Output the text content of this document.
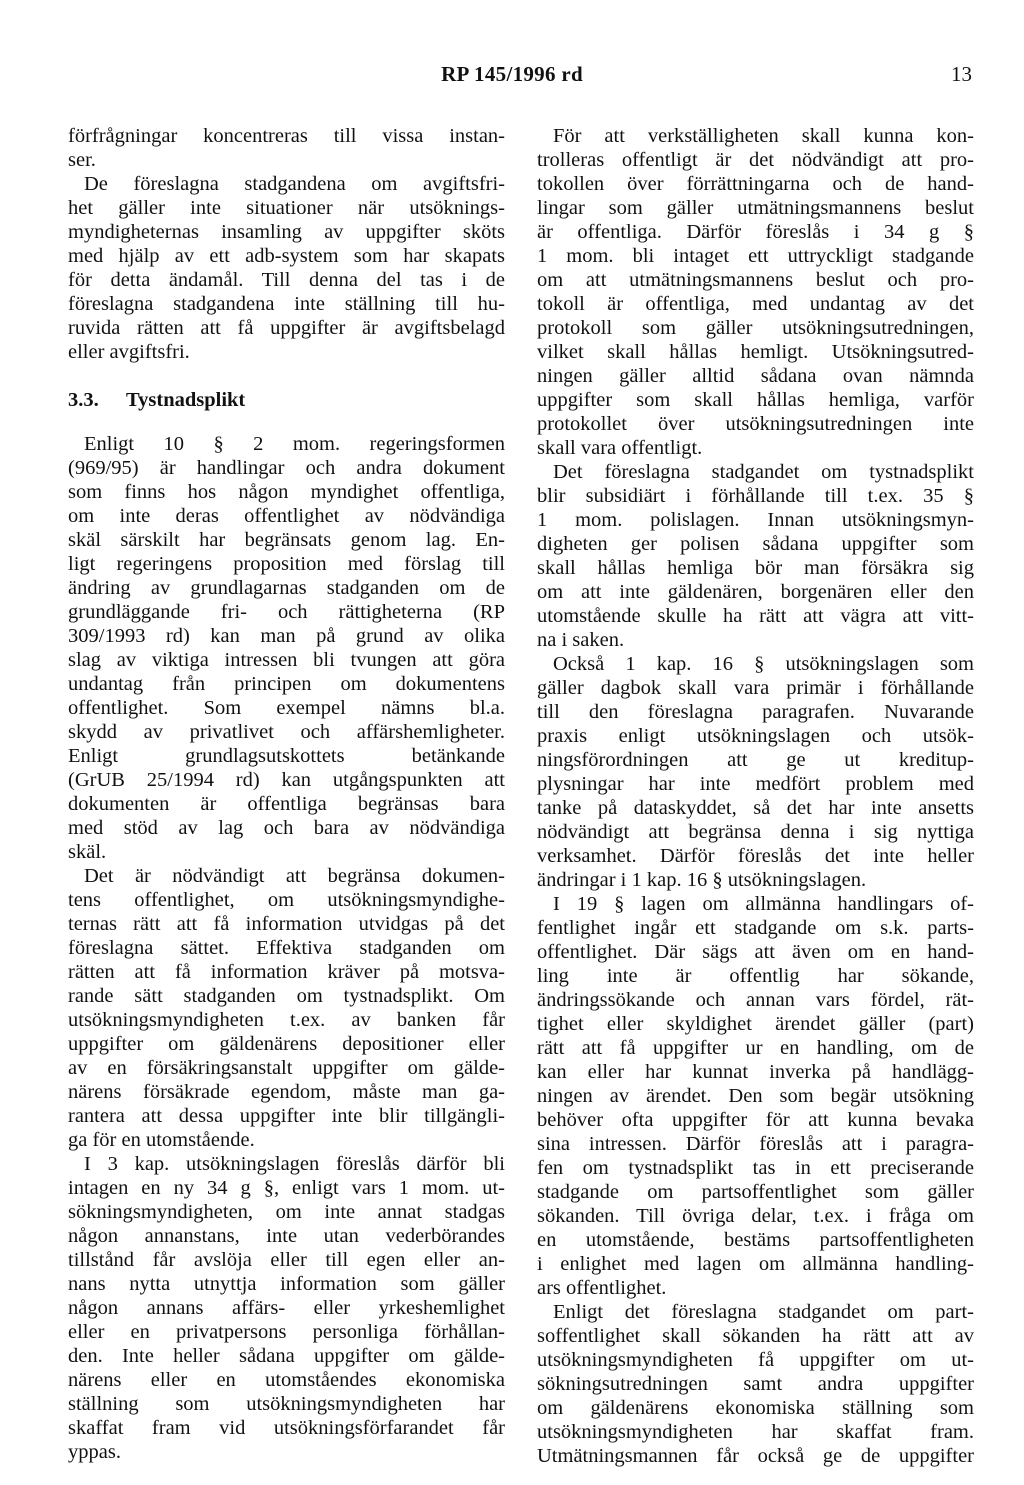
RP 145/1996 rd	13
förfrågningar koncentreras till vissa instan-
ser.
De föreslagna stadgandena om avgiftsfri-
het gäller inte situationer när utsöknings-
myndigheternas insamling av uppgifter sköts
med hjälp av ett adb-system som har skapats
för detta ändamål. Till denna del tas i de
föreslagna stadgandena inte ställning till hu-
ruvida rätten att få uppgifter är avgiftsbelagd
eller avgiftsfri.
3.3. Tystnadsplikt
Enligt 10 § 2 mom. regeringsformen
(969/95) är handlingar och andra dokument
som finns hos någon myndighet offentliga,
om inte deras offentlighet av nödvändiga
skäl särskilt har begränsats genom lag. En-
ligt regeringens proposition med förslag till
ändring av grundlagarnas stadganden om de
grundläggande fri- och rättigheterna (RP
309/1993 rd) kan man på grund av olika
slag av viktiga intressen bli tvungen att göra
undantag från principen om dokumentens
offentlighet. Som exempel nämns bl.a.
skydd av privatlivet och affärshemligheter.
Enligt grundlagsutskottets betänkande
(GrUB 25/1994 rd) kan utgångspunkten att
dokumenten är offentliga begränsas bara
med stöd av lag och bara av nödvändiga
skäl.
Det är nödvändigt att begränsa dokumen-
tens offentlighet, om utsökningsmyndighe-
ternas rätt att få information utvidgas på det
föreslagna sättet. Effektiva stadganden om
rätten att få information kräver på motsva-
rande sätt stadganden om tystnadsplikt. Om
utsökningsmyndigheten t.ex. av banken får
uppgifter om gäldenärens depositioner eller
av en försäkringsanstalt uppgifter om gälde-
närens försäkrade egendom, måste man ga-
rantera att dessa uppgifter inte blir tillgängli-
ga för en utomstående.
I 3 kap. utsökningslagen föreslås därför bli
intagen en ny 34 g §, enligt vars 1 mom. ut-
sökningsmyndigheten, om inte annat stadgas
någon annanstans, inte utan vederbörandes
tillstånd får avslöja eller till egen eller an-
nans nytta utnyttja information som gäller
någon annans affärs- eller yrkeshemlighet
eller en privatpersons personliga förhållan-
den. Inte heller sådana uppgifter om gälde-
närens eller en utomståendes ekonomiska
ställning som utsökningsmyndigheten har
skaffat fram vid utsökningsförfarandet får
yppas.
För att verkställigheten skall kunna kon-
trolleras offentligt är det nödvändigt att pro-
tokollen över förrättningarna och de hand-
lingar som gäller utmätningsmannens beslut
är offentliga. Därför föreslås i 34 g §
1 mom. bli intaget ett uttryckligt stadgande
om att utmätningsmannens beslut och pro-
tokoll är offentliga, med undantag av det
protokoll som gäller utsökningsutredningen,
vilket skall hållas hemligt. Utsökningsutred-
ningen gäller alltid sådana ovan nämnda
uppgifter som skall hållas hemliga, varför
protokollet över utsökningsutredningen inte
skall vara offentligt.
Det föreslagna stadgandet om tystnadsplikt
blir subsidiärt i förhållande till t.ex. 35 §
1 mom. polislagen. Innan utsökningsmyn-
digheten ger polisen sådana uppgifter som
skall hållas hemliga bör man försäkra sig
om att inte gäldenären, borgenären eller den
utomstående skulle ha rätt att vägra att vitt-
na i saken.
Också 1 kap. 16 § utsökningslagen som
gäller dagbok skall vara primär i förhållande
till den föreslagna paragrafen. Nuvarande
praxis enligt utsökningslagen och utsök-
ningsförordningen att ge ut kreditup-
plysningar har inte medfört problem med
tanke på dataskyddet, så det har inte ansetts
nödvändigt att begränsa denna i sig nyttiga
verksamhet. Därför föreslås det inte heller
ändringar i 1 kap. 16 § utsökningslagen.
I 19 § lagen om allmänna handlingars of-
fentlighet ingår ett stadgande om s.k. parts-
offentlighet. Där sägs att även om en hand-
ling inte är offentlig har sökande,
ändringssökande och annan vars fördel, rät-
tighet eller skyldighet ärendet gäller (part)
rätt att få uppgifter ur en handling, om de
kan eller har kunnat inverka på handlägg-
ningen av ärendet. Den som begär utsökning
behöver ofta uppgifter för att kunna bevaka
sina intressen. Därför föreslås att i paragra-
fen om tystnadsplikt tas in ett preciserande
stadgande om partsoffentlighet som gäller
sökanden. Till övriga delar, t.ex. i fråga om
en utomstående, bestäms partsoffentligheten
i enlighet med lagen om allmänna handling-
ars offentlighet.
Enligt det föreslagna stadgandet om part-
soffentlighet skall sökanden ha rätt att av
utsökningsmyndigheten få uppgifter om ut-
sökningsutredningen samt andra uppgifter
om gäldenärens ekonomiska ställning som
utsökningsmyndigheten har skaffat fram.
Utmätningsmannen får också ge de uppgifter
